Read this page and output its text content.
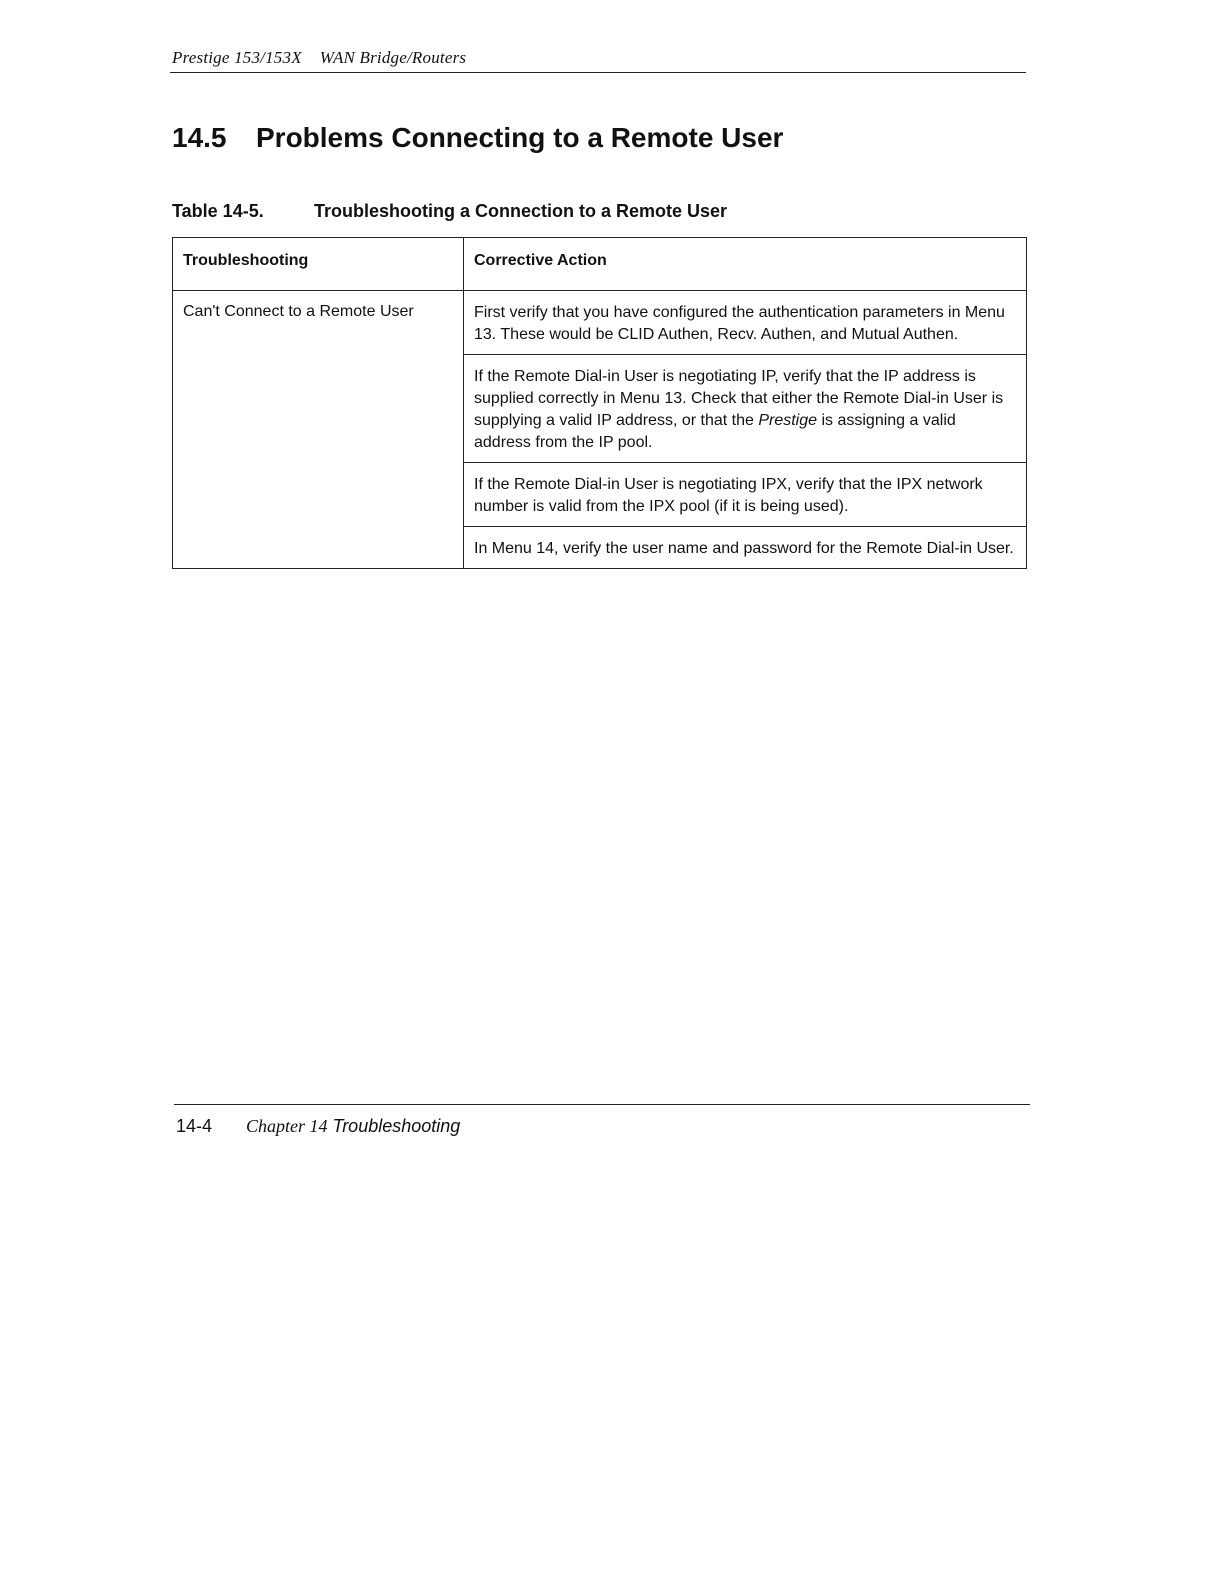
Prestige 153/153X WAN Bridge/Routers
14.5 Problems Connecting to a Remote User
Table 14-5.	Troubleshooting a Connection to a Remote User
Troubleshooting	Corrective Action
Can't Connect to a Remote User	First verify that you have configured the authentication parameters in Menu 13. These would be CLID Authen, Recv. Authen, and Mutual Authen.
	If the Remote Dial-in User is negotiating IP, verify that the IP address is supplied correctly in Menu 13. Check that either the Remote Dial-in User is supplying a valid IP address, or that the Prestige is assigning a valid address from the IP pool.
	If the Remote Dial-in User is negotiating IPX, verify that the IPX network number is valid from the IPX pool (if it is being used).
	In Menu 14, verify the user name and password for the Remote Dial-in User.
14-4 Chapter 14 Troubleshooting
